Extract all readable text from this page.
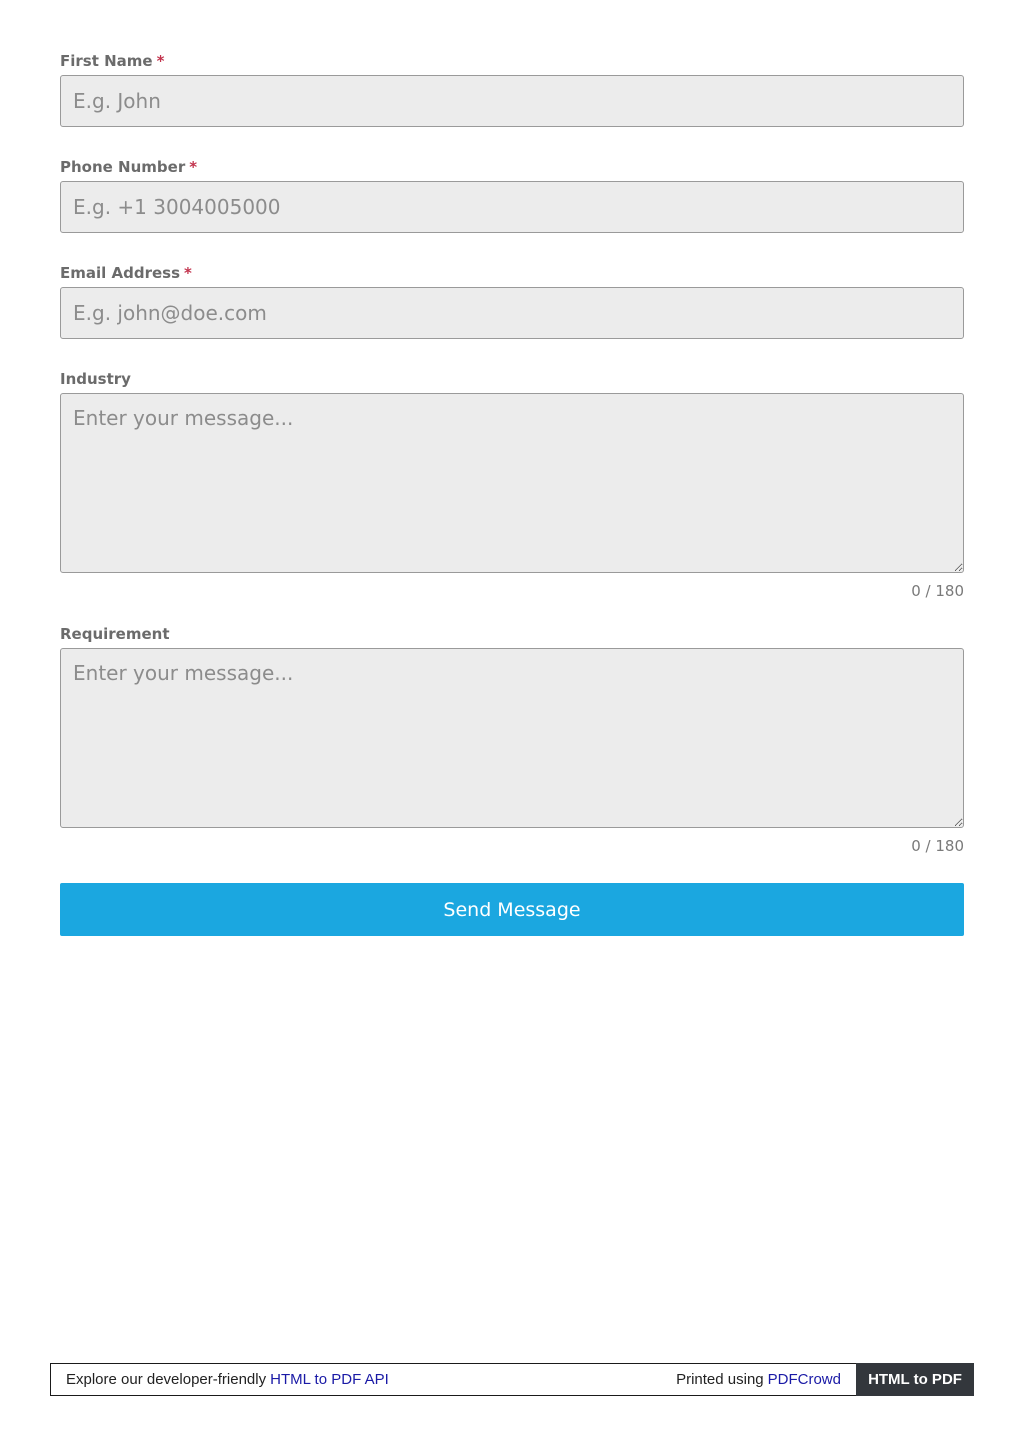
First Name *
E.g. John
Phone Number *
E.g. +1 3004005000
Email Address *
E.g. john@doe.com
Industry
Enter your message...
0 / 180
Requirement
Enter your message...
0 / 180
Send Message
Explore our developer-friendly HTML to PDF API	Printed using PDFCrowd	HTML to PDF
